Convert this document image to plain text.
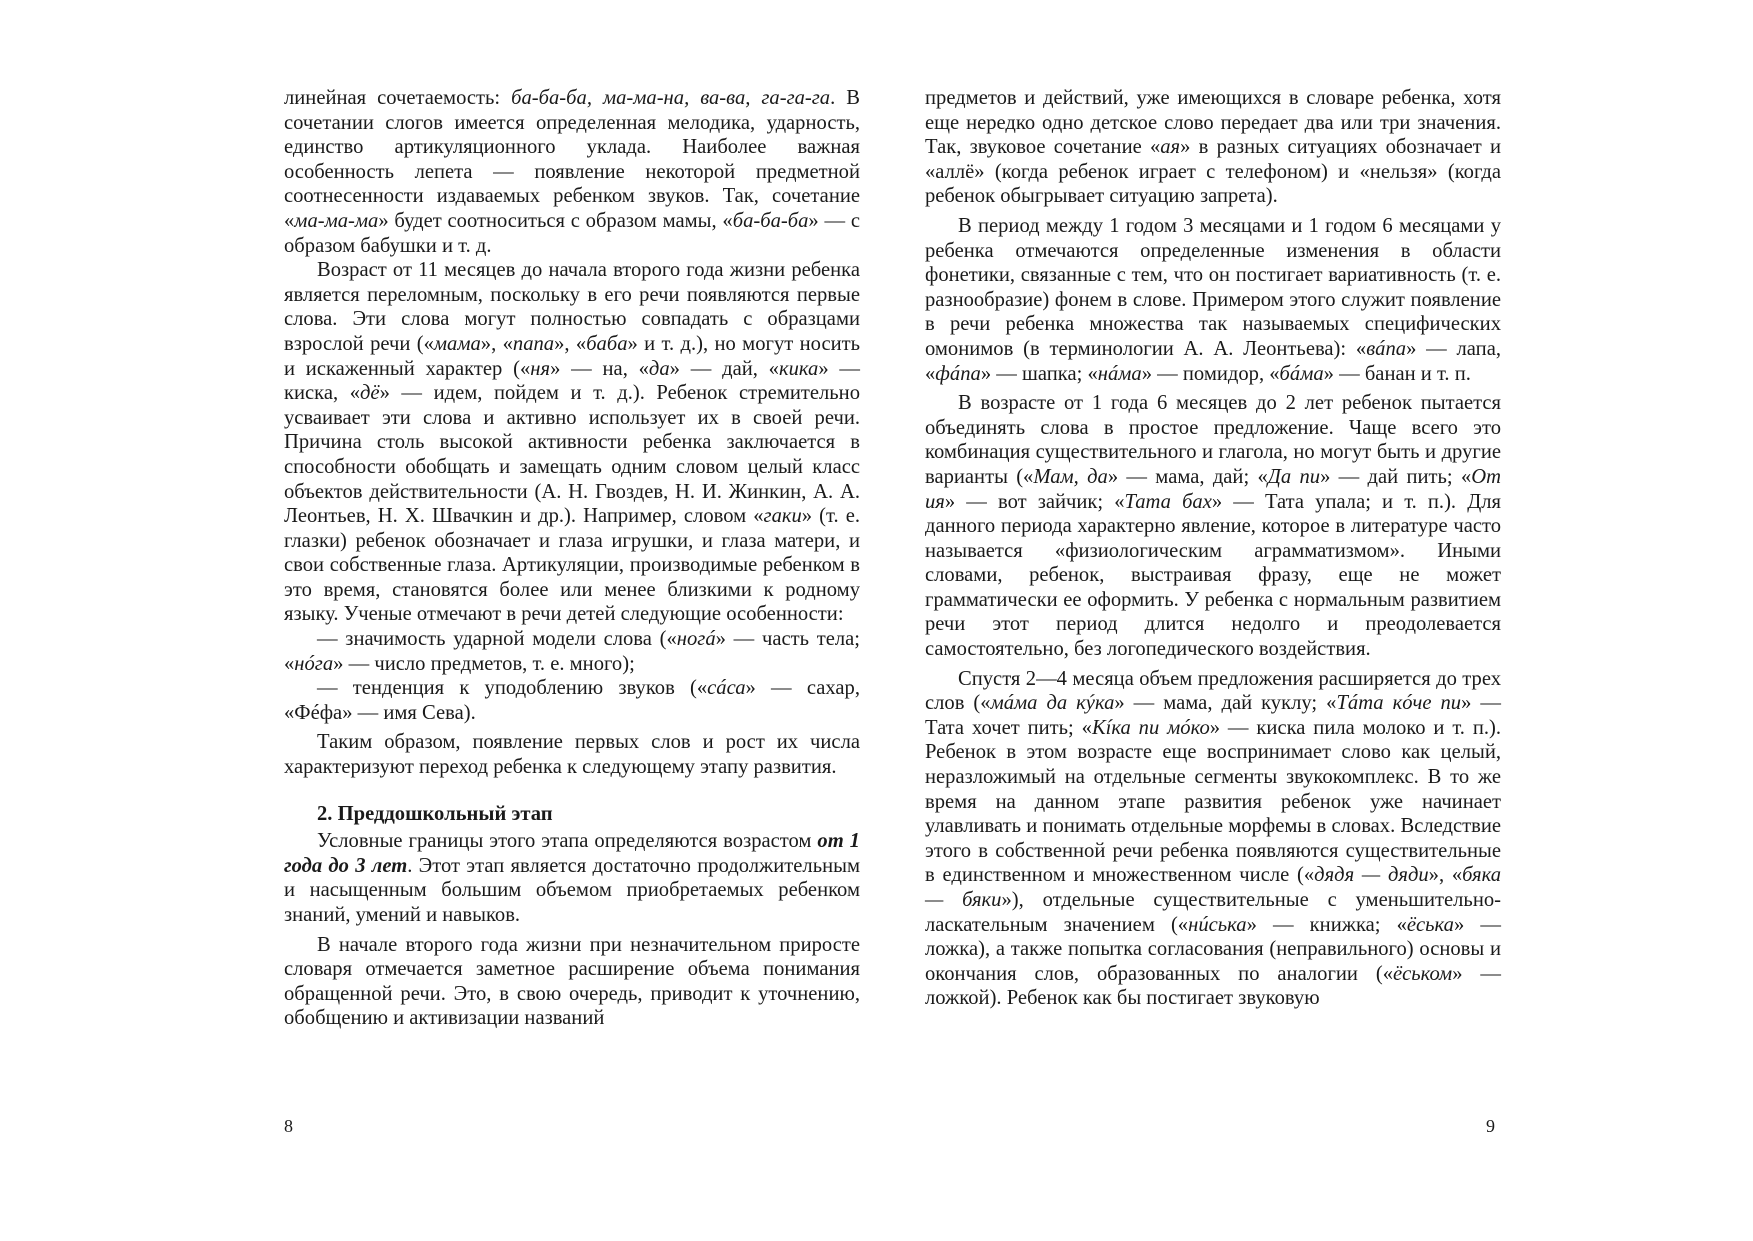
линейная сочетаемость: ба-ба-ба, ма-ма-на, ва-ва, га-га-га. В сочетании слогов имеется определенная мелодика, ударность, единство артикуляционного уклада. Наиболее важная особенность лепета — появление некоторой предметной соотнесенности издаваемых ребенком звуков. Так, сочетание «ма-ма-ма» будет соотноситься с образом мамы, «ба-ба-ба» — с образом бабушки и т. д.

Возраст от 11 месяцев до начала второго года жизни ребенка является переломным, поскольку в его речи появляются первые слова. Эти слова могут полностью совпадать с образцами взрослой речи («мама», «папа», «баба» и т. д.), но могут носить и искаженный характер («ня» — на, «да» — дай, «кика» — киска, «дё» — идем, пойдем и т. д.). Ребенок стремительно усваивает эти слова и активно использует их в своей речи. Причина столь высокой активности ребенка заключается в способности обобщать и замещать одним словом целый класс объектов действительности (А. Н. Гвоздев, Н. И. Жинкин, А. А. Леонтьев, Н. Х. Швачкин и др.). Например, словом «гаки» (т. е. глазки) ребенок обозначает и глаза игрушки, и глаза матери, и свои собственные глаза. Артикуляции, производимые ребенком в это время, становятся более или менее близкими к родному языку. Ученые отмечают в речи детей следующие особенности:

— значимость ударной модели слова («ногá» — часть тела; «нóга» — число предметов, т. е. много);

— тенденция к уподоблению звуков («сáса» — сахар, «Фéфа» — имя Сева).

Таким образом, появление первых слов и рост их числа характеризуют переход ребенка к следующему этапу развития.

2. Преддошкольный этап

Условные границы этого этапа определяются возрастом от 1 года до 3 лет. Этот этап является достаточно продолжительным и насыщенным большим объемом приобретаемых ребенком знаний, умений и навыков.

В начале второго года жизни при незначительном приросте словаря отмечается заметное расширение объема понимания обращенной речи. Это, в свою очередь, приводит к уточнению, обобщению и активизации названий

предметов и действий, уже имеющихся в словаре ребенка, хотя еще нередко одно детское слово передает два или три значения. Так, звуковое сочетание «ая» в разных ситуациях обозначает и «аллё» (когда ребенок играет с телефоном) и «нельзя» (когда ребенок обыгрывает ситуацию запрета).

В период между 1 годом 3 месяцами и 1 годом 6 месяцами у ребенка отмечаются определенные изменения в области фонетики, связанные с тем, что он постигает вариативность (т. е. разнообразие) фонем в слове. Примером этого служит появление в речи ребенка множества так называемых специфических омонимов (в терминологии А. А. Леонтьева): «вáпа» — лапа, «фáпа» — шапка; «нáма» — помидор, «бáма» — банан и т. п.

В возрасте от 1 года 6 месяцев до 2 лет ребенок пытается объединять слова в простое предложение. Чаще всего это комбинация существительного и глагола, но могут быть и другие варианты («Мам, да» — мама, дай; «Да пи» — дай пить; «От ия» — вот зайчик; «Тата бах» — Тата упала; и т. п.). Для данного периода характерно явление, которое в литературе часто называется «физиологическим аграмматизмом». Иными словами, ребенок, выстраивая фразу, еще не может грамматически ее оформить. У ребенка с нормальным развитием речи этот период длится недолго и преодолевается самостоятельно, без логопедического воздействия.

Спустя 2—4 месяца объем предложения расширяется до трех слов («мáма да кýка» — мама, дай куклу; «Тáта кóче пи» — Тата хочет пить; «Кíка пи мóко» — киска пила молоко и т. п.). Ребенок в этом возрасте еще воспринимает слово как целый, неразложимый на отдельные сегменты звукокомплекс. В то же время на данном этапе развития ребенок уже начинает улавливать и понимать отдельные морфемы в словах. Вследствие этого в собственной речи ребенка появляются существительные в единственном и множественном числе («дядя — дяди», «бяка — бяки»), отдельные существительные с уменьшительно-ласкательным значением («нúська» — книжка; «ёська» — ложка), а также попытка согласования (неправильного) основы и окончания слов, образованных по аналогии («ёськом» — ложкой). Ребенок как бы постигает звуковую

8	9
